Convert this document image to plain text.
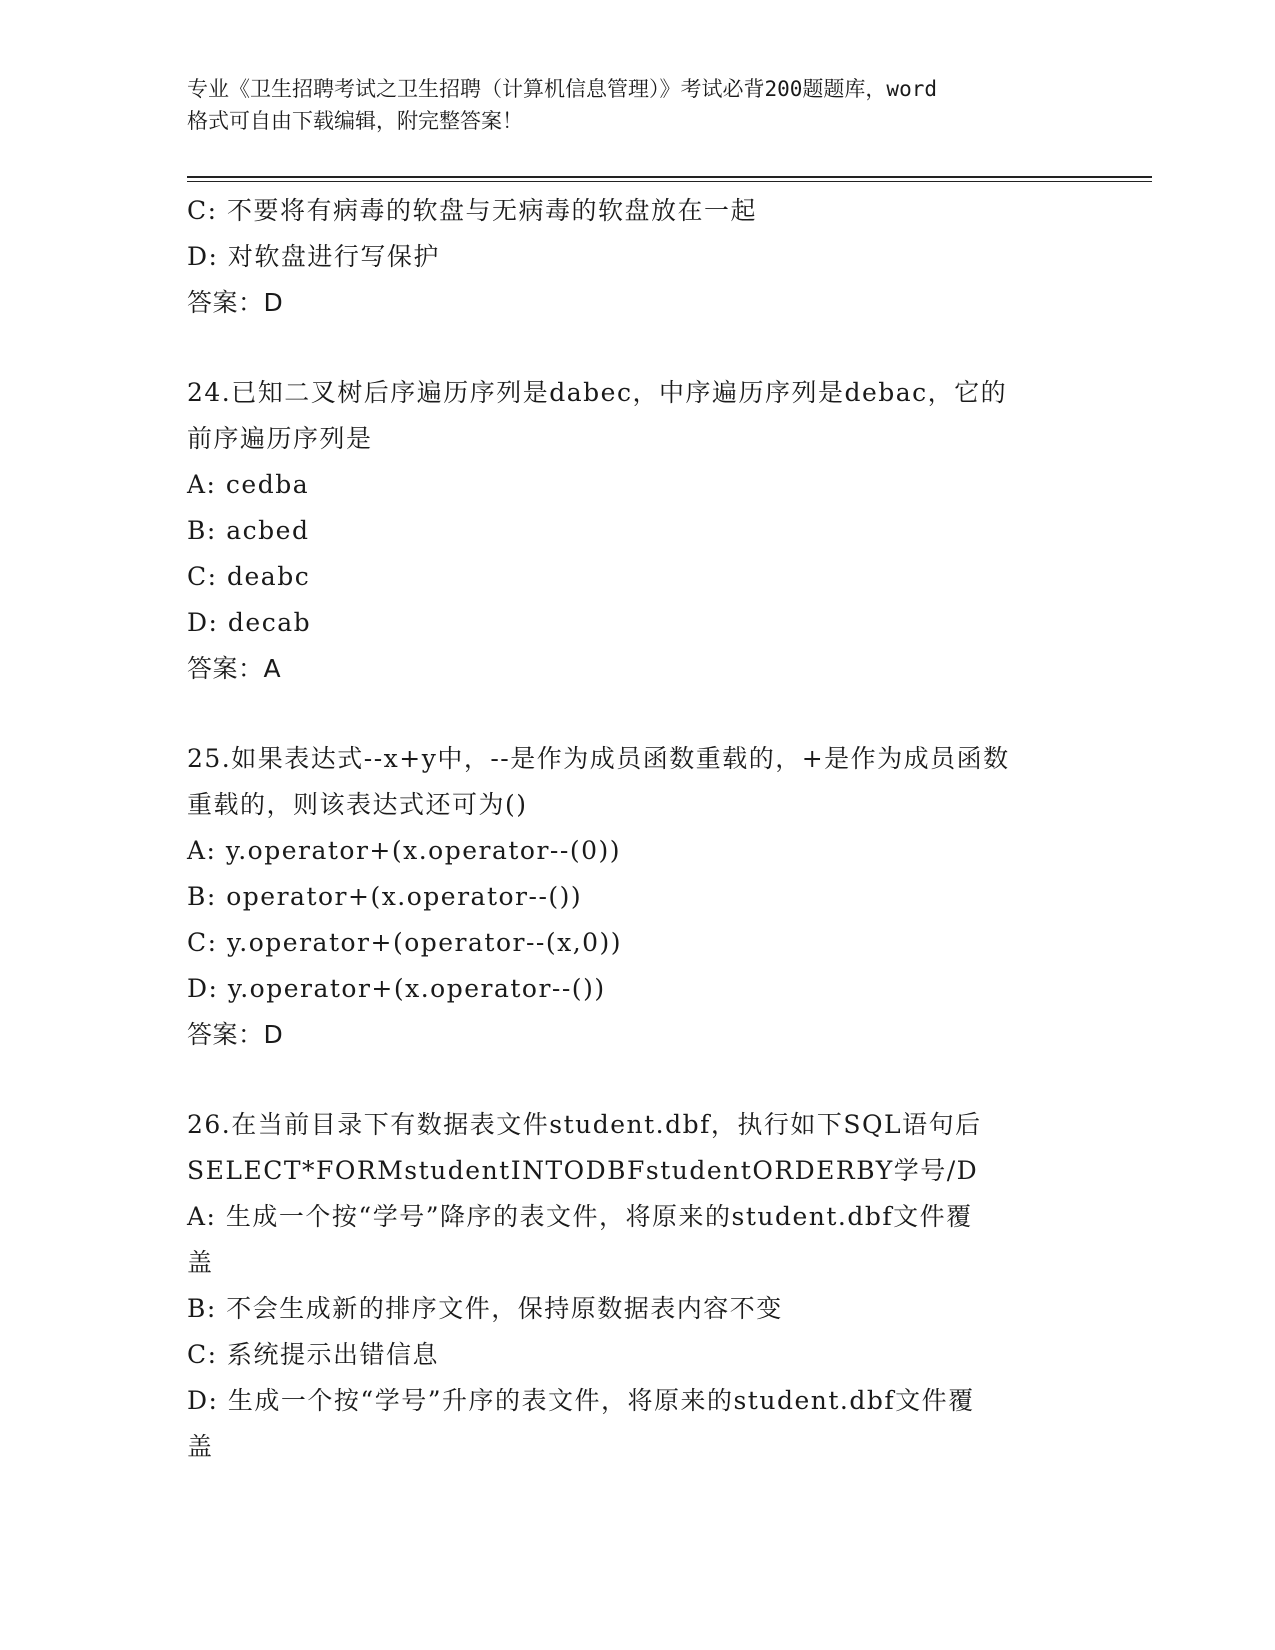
专业《卫生招聘考试之卫生招聘（计算机信息管理）》考试必背200题题库，word
格式可自由下载编辑，附完整答案！
C: 不要将有病毒的软盘与无病毒的软盘放在一起
D: 对软盘进行写保护
答案：D
24.已知二叉树后序遍历序列是dabec，中序遍历序列是debac，它的
前序遍历序列是
A: cedba
B: acbed
C: deabc
D: decab
答案：A
25.如果表达式--x+y中，--是作为成员函数重载的，+是作为成员函数
重载的，则该表达式还可为()
A: y.operator+(x.operator--(0))
B: operator+(x.operator--())
C: y.operator+(operator--(x,0))
D: y.operator+(x.operator--())
答案：D
26.在当前目录下有数据表文件student.dbf，执行如下SQL语句后
SELECT*FORMstudentINTODBFstudentORDERBY学号/D
A: 生成一个按“学号”降序的表文件，将原来的student.dbf文件覆
盖
B: 不会生成新的排序文件，保持原数据表内容不变
C: 系统提示出错信息
D: 生成一个按“学号”升序的表文件，将原来的student.dbf文件覆
盖
